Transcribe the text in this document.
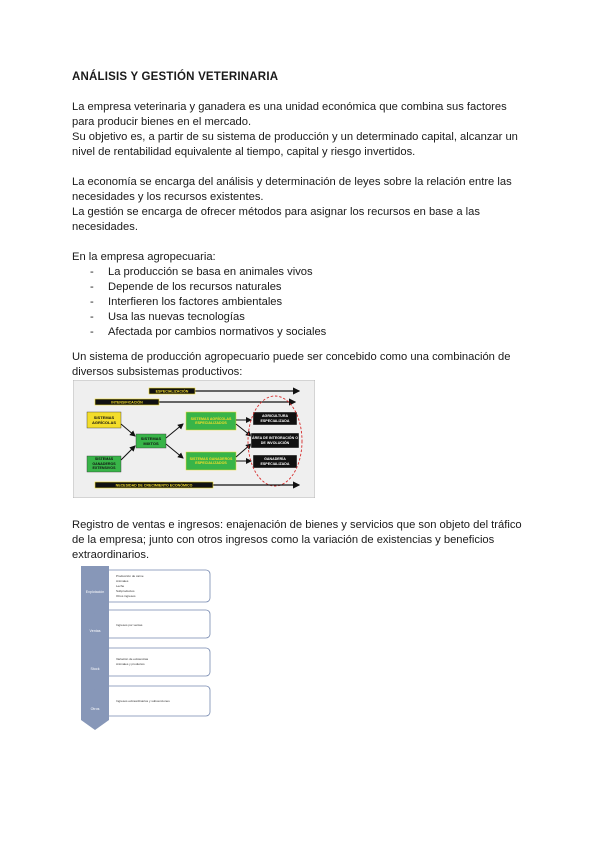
ANÁLISIS Y GESTIÓN VETERINARIA

La empresa veterinaria y ganadera es una unidad económica que combina sus factores para producir bienes en el mercado.

Su objetivo es, a partir de su sistema de producción y un determinado capital, alcanzar un nivel de rentabilidad equivalente al tiempo, capital y riesgo invertidos.

La economía se encarga del análisis y determinación de leyes sobre la relación entre las necesidades y los recursos existentes.

La gestión se encarga de ofrecer métodos para asignar los recursos en base a las necesidades.

En la empresa agropecuaria:

- La producción se basa en animales vivos
- Depende de los recursos naturales
- Interfieren los factores ambientales
- Usa las nuevas tecnologías
- Afectada por cambios normativos y sociales

Un sistema de producción agropecuario puede ser concebido como una combinación de diversos subsistemas productivos:

ESPECIALIZACIÓN
INTENSIFICACIÓN
SISTEMAS AGRÍCOLAS
SISTEMAS GANADEROS EXTENSIVOS
SISTEMAS MIXTOS
SISTEMAS AGRÍCOLAS ESPECIALIZADOS
SISTEMAS GANADEROS ESPECIALIZADOS
AGRICULTURA ESPECIALIZADA
ÁREA DE INTEGRACIÓN O DE INVOLUCIÓN
GANADERÍA ESPECIALIZADA
NECESIDAD DE CRECIMIENTO ECONÓMICO

Registro de ventas e ingresos: enajenación de bienes y servicios que son objeto del tráfico de la empresa; junto con otros ingresos como la variación de existencias y beneficios extraordinarios.

Explotación
Producción de carne
Animales
Leche
Subproductos
Otros ingresos
Ventas
Ingresos por ventas
Stock
Variación de existencias
Animales y productos
Otros
Ingresos extraordinarios y subvenciones
